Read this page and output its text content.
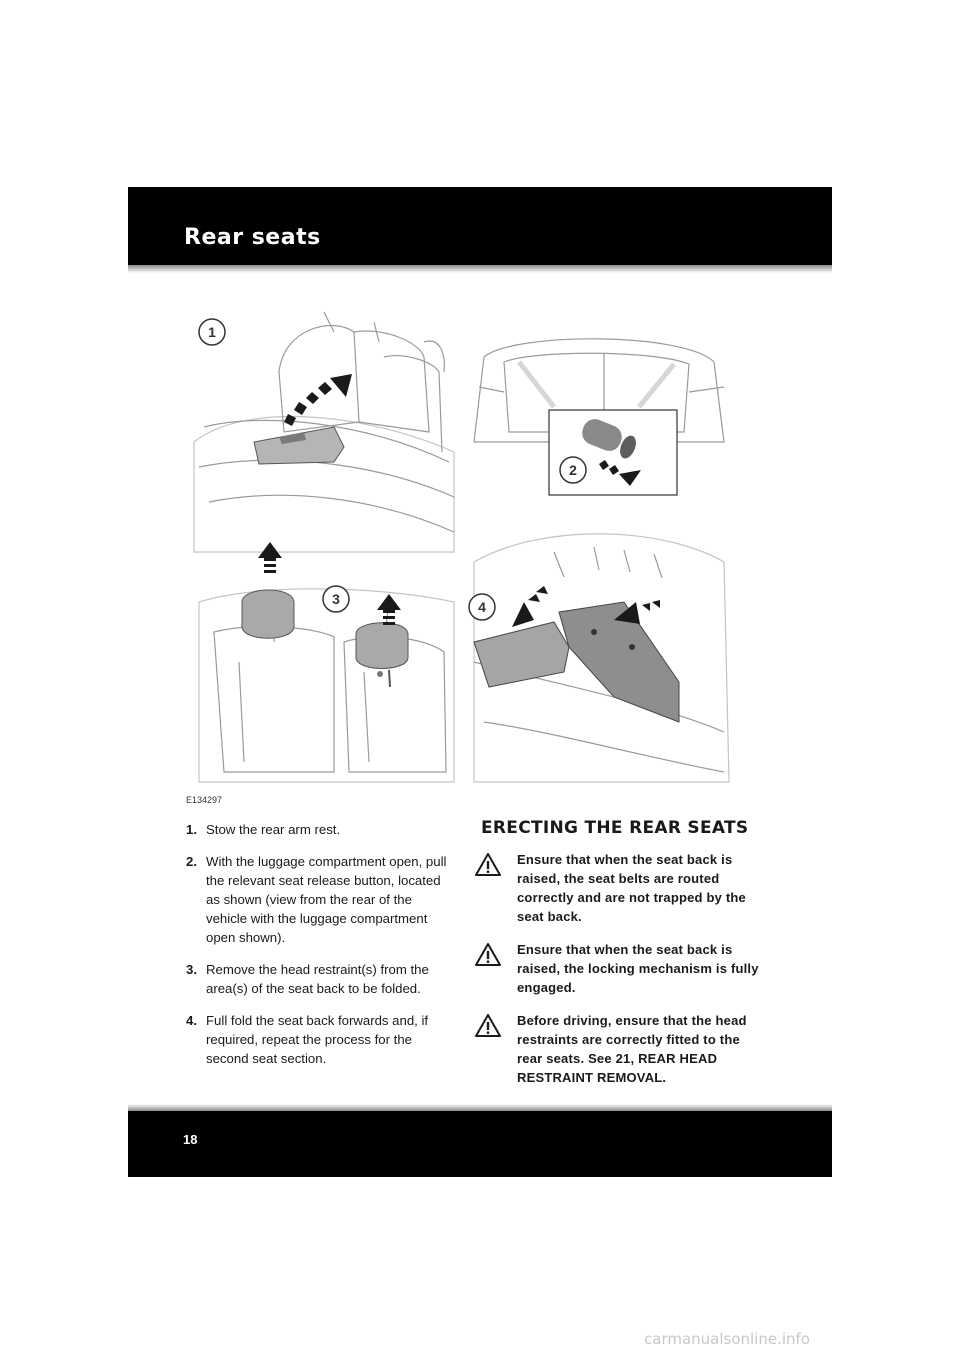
Rear seats
1
2
3	4
E134297
1. Stow the rear arm rest.
2. With the luggage compartment open, pull the relevant seat release button, located as shown (view from the rear of the vehicle with the luggage compartment open shown).
3. Remove the head restraint(s) from the area(s) of the seat back to be folded.
4. Full fold the seat back forwards and, if required, repeat the process for the second seat section.
ERECTING THE REAR SEATS
Ensure that when the seat back is raised, the seat belts are routed correctly and are not trapped by the seat back.
Ensure that when the seat back is raised, the locking mechanism is fully engaged.
Before driving, ensure that the head restraints are correctly fitted to the rear seats. See 21, REAR HEAD RESTRAINT REMOVAL.
18
carmanualsonline.info
